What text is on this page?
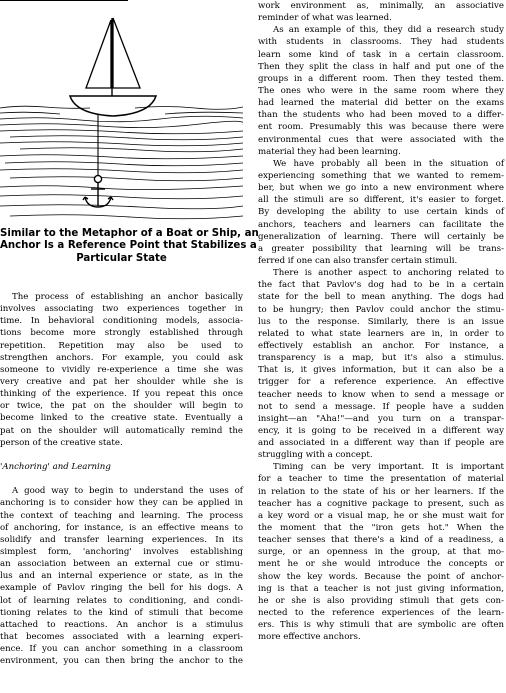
Similar to the Metaphor of a Boat or Ship, an
Anchor Is a Reference Point that Stabilizes a
Particular State
The process of establishing an anchor basically
involves associating two experiences together in
time. In behavioral conditioning models, associa-
tions become more strongly established through
repetition. Repetition may also be used to
strengthen anchors. For example, you could ask
someone to vividly re-experience a time she was
very creative and pat her shoulder while she is
thinking of the experience. If you repeat this once
or twice, the pat on the shoulder will begin to
become linked to the creative state. Eventually a
pat on the shoulder will automatically remind the
person of the creative state.
'Anchoring' and Learning
A good way to begin to understand the uses of
anchoring is to consider how they can be applied in
the context of teaching and learning. The process
of anchoring, for instance, is an effective means to
solidify and transfer learning experiences. In its
simplest form, 'anchoring' involves establishing
an association between an external cue or stimu-
lus and an internal experience or state, as in the
example of Pavlov ringing the bell for his dogs. A
lot of learning relates to conditioning, and condi-
tioning relates to the kind of stimuli that become
attached to reactions. An anchor is a stimulus
that becomes associated with a learning experi-
ence. If you can anchor something in a classroom
environment, you can then bring the anchor to the
work environment as, minimally, an associative
reminder of what was learned.
As an example of this, they did a research study
with students in classrooms. They had students
learn some kind of task in a certain classroom.
Then they split the class in half and put one of the
groups in a different room. Then they tested them.
The ones who were in the same room where they
had learned the material did better on the exams
than the students who had been moved to a differ-
ent room. Presumably this was because there were
environmental cues that were associated with the
material they had been learning.
We have probably all been in the situation of
experiencing something that we wanted to remem-
ber, but when we go into a new environment where
all the stimuli are so different, it's easier to forget.
By developing the ability to use certain kinds of
anchors, teachers and learners can facilitate the
generalization of learning. There will certainly be
a greater possibility that learning will be trans-
ferred if one can also transfer certain stimuli.
There is another aspect to anchoring related to
the fact that Pavlov's dog had to be in a certain
state for the bell to mean anything. The dogs had
to be hungry; then Pavlov could anchor the stimu-
lus to the response. Similarly, there is an issue
related to what state learners are in, in order to
effectively establish an anchor. For instance, a
transparency is a map, but it's also a stimulus.
That is, it gives information, but it can also be a
trigger for a reference experience. An effective
teacher needs to know when to send a message or
not to send a message. If people have a sudden
insight—an "Aha!"—and you turn on a transpar-
ency, it is going to be received in a different way
and associated in a different way than if people are
struggling with a concept.
Timing can be very important. It is important
for a teacher to time the presentation of material
in relation to the state of his or her learners. If the
teacher has a cognitive package to present, such as
a key word or a visual map, he or she must wait for
the moment that the "iron gets hot." When the
teacher senses that there's a kind of a readiness, a
surge, or an openness in the group, at that mo-
ment he or she would introduce the concepts or
show the key words. Because the point of anchor-
ing is that a teacher is not just giving information,
he or she is also providing stimuli that gets con-
nected to the reference experiences of the learn-
ers. This is why stimuli that are symbolic are often
more effective anchors.
